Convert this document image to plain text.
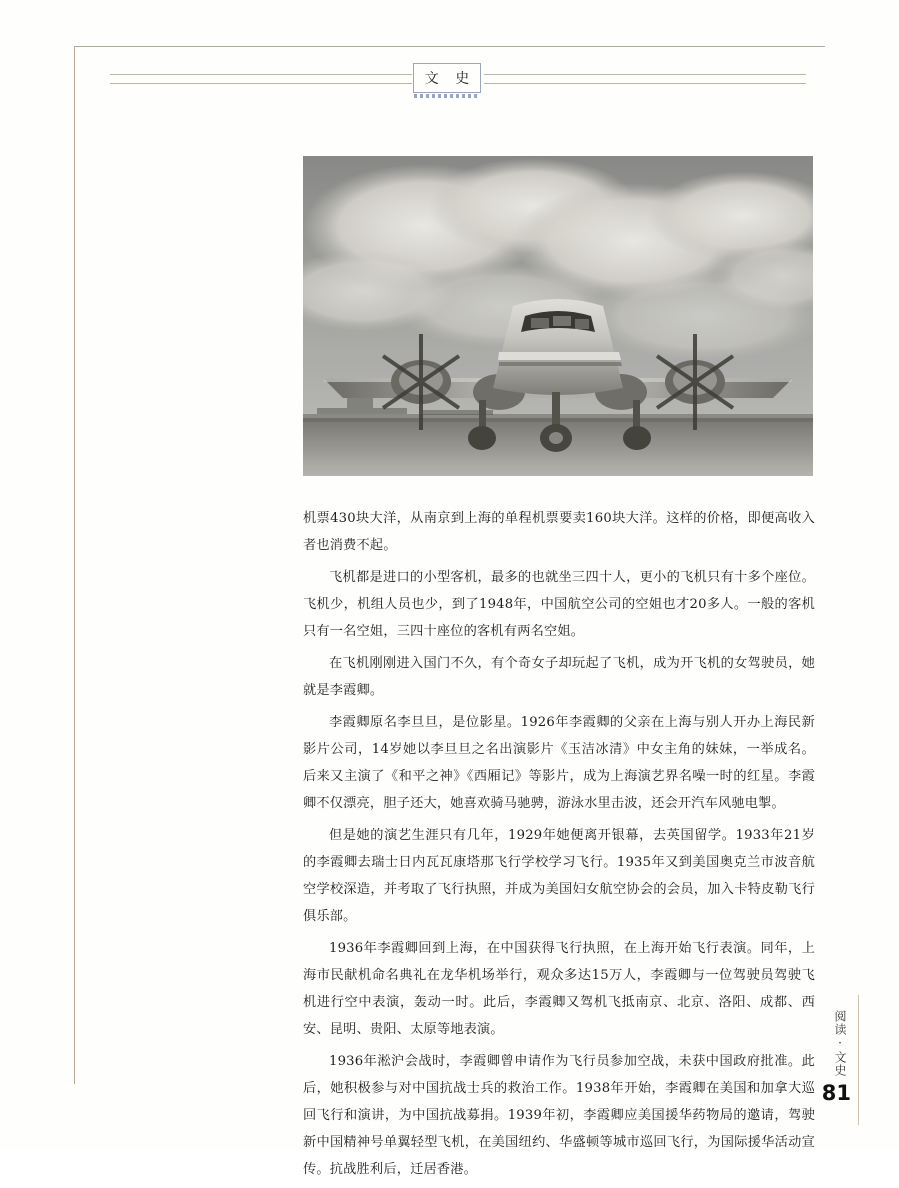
文 史

机票430块大洋，从南京到上海的单程机票要卖160块大洋。这样的价格，即便高收入者也消费不起。

飞机都是进口的小型客机，最多的也就坐三四十人，更小的飞机只有十多个座位。飞机少，机组人员也少，到了1948年，中国航空公司的空姐也才20多人。一般的客机只有一名空姐，三四十座位的客机有两名空姐。

在飞机刚刚进入国门不久，有个奇女子却玩起了飞机，成为开飞机的女驾驶员，她就是李霞卿。

李霞卿原名李旦旦，是位影星。1926年李霞卿的父亲在上海与别人开办上海民新影片公司，14岁她以李旦旦之名出演影片《玉洁冰清》中女主角的妹妹，一举成名。后来又主演了《和平之神》《西厢记》等影片，成为上海演艺界名噪一时的红星。李霞卿不仅漂亮，胆子还大，她喜欢骑马驰骋，游泳水里击波，还会开汽车风驰电掣。

但是她的演艺生涯只有几年，1929年她便离开银幕，去英国留学。1933年21岁的李霞卿去瑞士日内瓦瓦康塔那飞行学校学习飞行。1935年又到美国奥克兰市波音航空学校深造，并考取了飞行执照，并成为美国妇女航空协会的会员，加入卡特皮勒飞行俱乐部。

1936年李霞卿回到上海，在中国获得飞行执照，在上海开始飞行表演。同年，上海市民献机命名典礼在龙华机场举行，观众多达15万人，李霞卿与一位驾驶员驾驶飞机进行空中表演，轰动一时。此后，李霞卿又驾机飞抵南京、北京、洛阳、成都、西安、昆明、贵阳、太原等地表演。

1936年淞沪会战时，李霞卿曾申请作为飞行员参加空战，未获中国政府批准。此后，她积极参与对中国抗战士兵的救治工作。1938年开始，李霞卿在美国和加拿大巡回飞行和演讲，为中国抗战募捐。1939年初，李霞卿应美国援华药物局的邀请，驾驶新中国精神号单翼轻型飞机，在美国纽约、华盛顿等城市巡回飞行，为国际援华活动宣传。抗战胜利后，迁居香港。

阅读·文史
81
